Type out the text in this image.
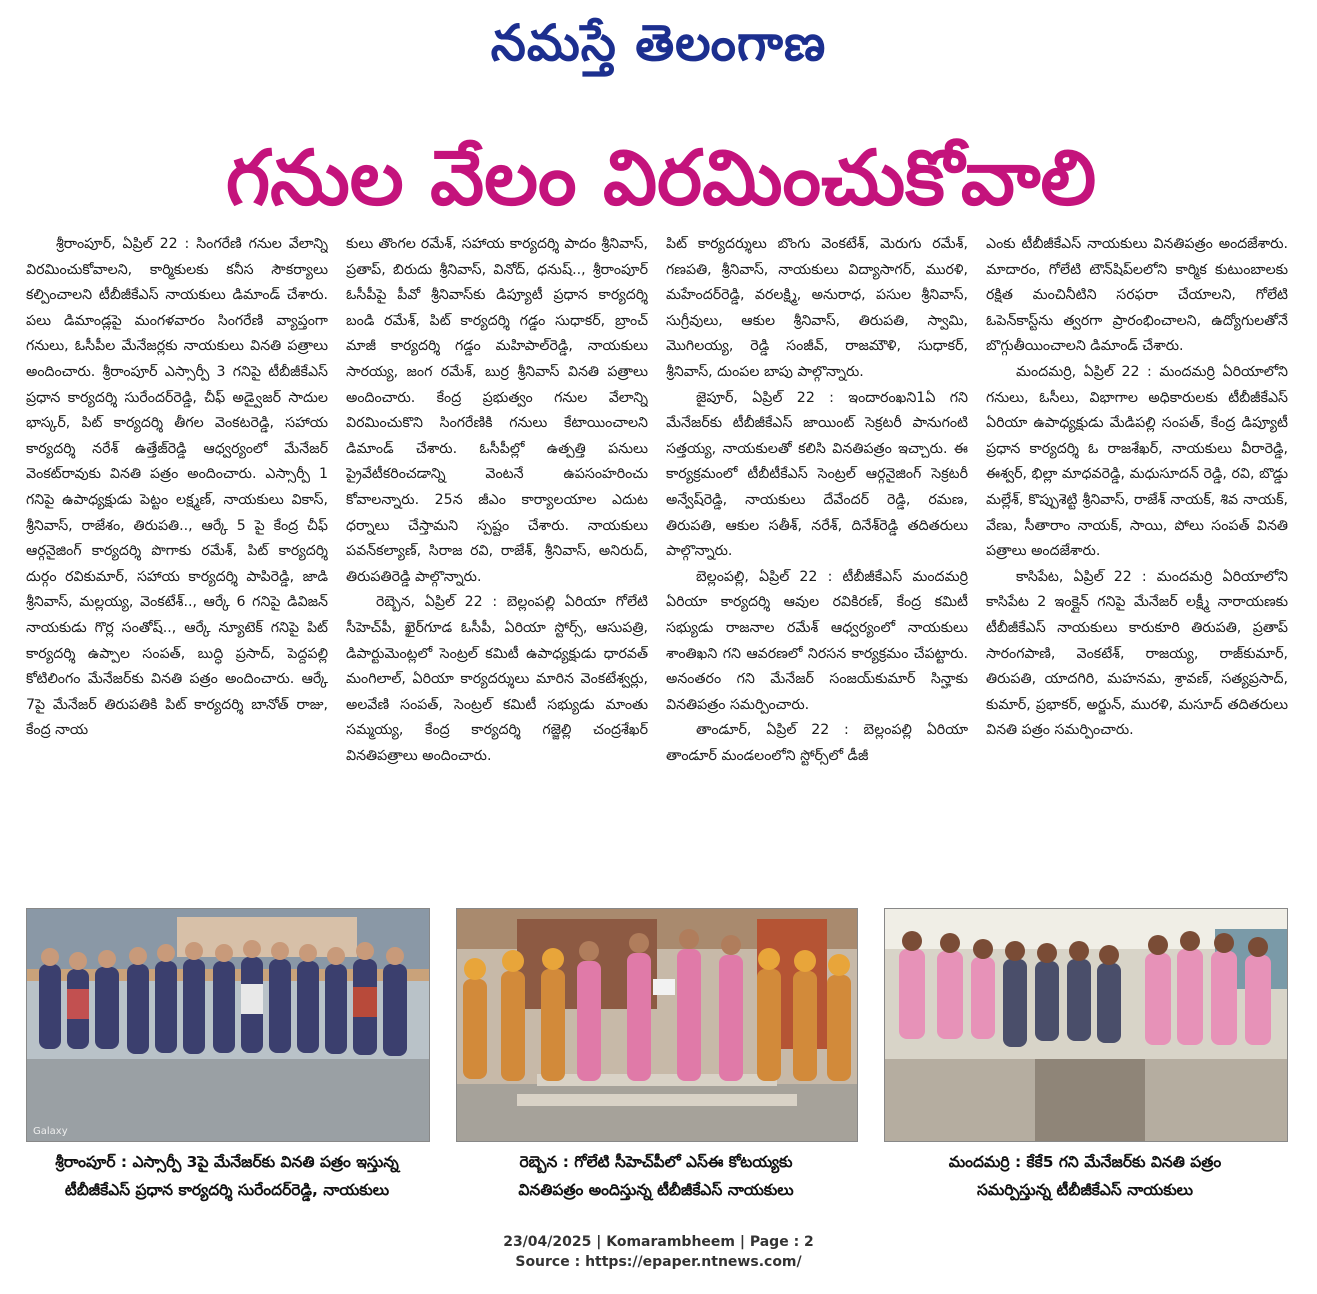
నమస్తే తెలంగాణ
గనుల వేలం విరమించుకోవాలి

శ్రీరాంపూర్, ఏప్రిల్ 22 : సింగరేణి గనుల వేలాన్ని విరమించుకోవాలని, కార్మికులకు కనీస సౌకర్యాలు కల్పించాలని టీబీజీకేఎస్ నాయకులు డిమాండ్ చేశారు. పలు డిమాండ్లపై మంగళవారం సింగరేణి వ్యాప్తంగా గనులు, ఓసీపీల మేనేజర్లకు నాయకులు వినతి పత్రాలు అందించారు. శ్రీరాంపూర్ ఎస్సార్పీ 3 గనిపై టీబీజీకేఎస్ ప్రధాన కార్యదర్శి సురేందర్‌రెడ్డి, చీఫ్ అడ్వైజర్ సాదుల భాస్కర్, పిట్ కార్యదర్శి తీగల వెంకటరెడ్డి, సహాయ కార్యదర్శి నరేశ్ ఉత్తేజ్‌రెడ్డి ఆధ్వర్యంలో మేనేజర్ వెంకట్‌రావుకు వినతి పత్రం అందించారు. ఎస్సార్పీ 1 గనిపై ఉపాధ్యక్షుడు పెట్టం లక్ష్మణ్, నాయకులు వికాస్, శ్రీనివాస్, రాజేశం, తిరుపతి.., ఆర్కే 5 పై కేంద్ర చీఫ్ ఆర్గనైజింగ్ కార్యదర్శి పొగాకు రమేశ్, పిట్ కార్యదర్శి దుర్గం రవికుమార్, సహాయ కార్యదర్శి పాపిరెడ్డి, జాడి శ్రీనివాస్, మల్లయ్య, వెంకటేశ్.., ఆర్కే 6 గనిపై డివిజన్ నాయకుడు గొర్ల సంతోష్.., ఆర్కే న్యూటెక్ గనిపై పిట్ కార్యదర్శి ఉప్పాల సంపత్, బుద్ధి ప్రసాద్, పెద్దపల్లి కోటిలింగం మేనేజర్‌కు వినతి పత్రం అందించారు. ఆర్కే 7పై మేనేజర్ తిరుపతికి పిట్ కార్యదర్శి బానోత్ రాజు, కేంద్ర నాయ

కులు తొంగల రమేశ్, సహాయ కార్యదర్శి పాదం శ్రీనివాస్, ప్రతాప్, బిరుదు శ్రీనివాస్, వినోద్, ధనుష్.., శ్రీరాంపూర్ ఓసీపీపై పీవో శ్రీనివాస్‌కు డిప్యూటీ ప్రధాన కార్యదర్శి బండి రమేశ్, పిట్ కార్యదర్శి గడ్డం సుధాకర్, బ్రాంచ్ మాజీ కార్యదర్శి గడ్డం మహిపాల్‌రెడ్డి, నాయకులు సారయ్య, జంగ రమేశ్, బుర్ర శ్రీనివాస్ వినతి పత్రాలు అందించారు. కేంద్ర ప్రభుత్వం గనుల వేలాన్ని విరమించుకొని సింగరేణికి గనులు కేటాయించాలని డిమాండ్ చేశారు. ఓసీపీల్లో ఉత్పత్తి పనులు ప్రైవేటీకరించడాన్ని వెంటనే ఉపసంహరించు కోవాలన్నారు. 25న జీఎం కార్యాలయాల ఎదుట ధర్నాలు చేస్తామని స్పష్టం చేశారు. నాయకులు పవన్‌కల్యాణ్, సిరాజ రవి, రాజేశ్, శ్రీనివాస్, అనిరుద్, తిరుపతిరెడ్డి పాల్గొన్నారు.

రెబ్బెన, ఏప్రిల్ 22 : బెల్లంపల్లి ఏరియా గోలేటి సీహెచ్‌పీ, ఖైర్‌గూడ ఓసీపీ, ఏరియా స్టోర్స్, ఆసుపత్రి, డిపార్టుమెంట్లలో సెంట్రల్ కమిటీ ఉపాధ్యక్షుడు ధారవత్ మంగిలాల్, ఏరియా కార్యదర్శులు మారిన వెంకటేశ్వర్లు, అలవేణి సంపత్, సెంట్రల్ కమిటీ సభ్యుడు మాంతు సమ్మయ్య, కేంద్ర కార్యదర్శి గజ్జెల్లి చంద్రశేఖర్ వినతిపత్రాలు అందించారు.

పిట్ కార్యదర్శులు బొంగు వెంకటేశ్, మెరుగు రమేశ్, గణపతి, శ్రీనివాస్, నాయకులు విద్యాసాగర్, మురళి, మహేందర్‌రెడ్డి, వరలక్ష్మి, అనురాధ, పసుల శ్రీనివాస్, సుగ్రీవులు, ఆకుల శ్రీనివాస్, తిరుపతి, స్వామి, మొగిలయ్య, రెడ్డి సంజీవ్, రాజమౌళి, సుధాకర్, శ్రీనివాస్, దుంపల బాపు పాల్గొన్నారు.

జైపూర్, ఏప్రిల్ 22 : ఇందారంఖని1ఏ గని మేనేజర్‌కు టీబీజీకేఎస్ జాయింట్ సెక్రటరీ పానుగంటి సత్తయ్య, నాయకులతో కలిసి వినతిపత్రం ఇచ్చారు. ఈ కార్యక్రమంలో టీబీటీకేఎస్ సెంట్రల్ ఆర్గనైజింగ్ సెక్రటరీ అన్వేష్‌రెడ్డి, నాయకులు దేవేందర్ రెడ్డి, రమణ, తిరుపతి, ఆకుల సతీశ్, నరేశ్, దినేశ్‌రెడ్డి తదితరులు పాల్గొన్నారు.

బెల్లంపల్లి, ఏప్రిల్ 22 : టీబీజీకేఎస్ మందమర్రి ఏరియా కార్యదర్శి ఆవుల రవికిరణ్, కేంద్ర కమిటీ సభ్యుడు రాజనాల రమేశ్ ఆధ్వర్యంలో నాయకులు శాంతిఖని గని ఆవరణలో నిరసన కార్యక్రమం చేపట్టారు. అనంతరం గని మేనేజర్ సంజయ్‌కుమార్ సిన్హాకు వినతిపత్రం సమర్పించారు.

తాండూర్, ఏప్రిల్ 22 : బెల్లంపల్లి ఏరియా తాండూర్ మండలంలోని స్టోర్స్‌లో డీజీ

ఎంకు టీబీజీకేఎస్ నాయకులు వినతిపత్రం అందజేశారు. మాదారం, గోలేటి టౌన్‌షిప్‌లలోని కార్మిక కుటుంబాలకు రక్షిత మంచినీటిని సరఫరా చేయాలని, గోలేటి ఓపెన్‌కాస్ట్‌ను త్వరగా ప్రారంభించాలని, ఉద్యోగులతోనే బొగ్గుతీయించాలని డిమాండ్ చేశారు.

మందమర్రి, ఏప్రిల్ 22 : మందమర్రి ఏరియాలోని గనులు, ఓసీలు, విభాగాల అధికారులకు టీబీజీకేఎస్ ఏరియా ఉపాధ్యక్షుడు మేడిపల్లి సంపత్, కేంద్ర డిప్యూటీ ప్రధాన కార్యదర్శి ఓ రాజశేఖర్, నాయకులు వీరారెడ్డి, ఈశ్వర్, భిల్లా మాధవరెడ్డి, మధుసూదన్ రెడ్డి, రవి, బొడ్డు మల్లేశ్, కొప్పుశెట్టి శ్రీనివాస్, రాజేశ్ నాయక్, శివ నాయక్, వేణు, సీతారాం నాయక్, సాయి, పోలు సంపత్ వినతి పత్రాలు అందజేశారు.

కాసిపేట, ఏప్రిల్ 22 : మందమర్రి ఏరియాలోని కాసిపేట 2 ఇంక్లైన్ గనిపై మేనేజర్ లక్ష్మీ నారాయణకు టీబీజీకేఎస్ నాయకులు కారుకూరి తిరుపతి, ప్రతాప్ సారంగపాణి, వెంకటేశ్, రాజయ్య, రాజ్‌కుమార్, తిరుపతి, యాదగిరి, మహనమ, శ్రావణ్, సత్యప్రసాద్, కుమార్, ప్రభాకర్, అర్జున్, మురళి, మసూద్ తదితరులు వినతి పత్రం సమర్పించారు.

Galaxy
శ్రీరాంపూర్ : ఎస్సార్పీ 3పై మేనేజర్‌కు వినతి పత్రం ఇస్తున్న
టీబీజీకేఎస్ ప్రధాన కార్యదర్శి సురేందర్‌రెడ్డి, నాయకులు
రెబ్బెన : గోలేటి సీహెచ్‌పీలో ఎస్ఈ కోటయ్యకు
వినతిపత్రం అందిస్తున్న టీబీజీకేఎస్ నాయకులు
మందమర్రి : కేకే5 గని మేనేజర్‌కు వినతి పత్రం
సమర్పిస్తున్న టీబీజీకేఎస్ నాయకులు
23/04/2025 | Komarambheem | Page : 2
Source : https://epaper.ntnews.com/
